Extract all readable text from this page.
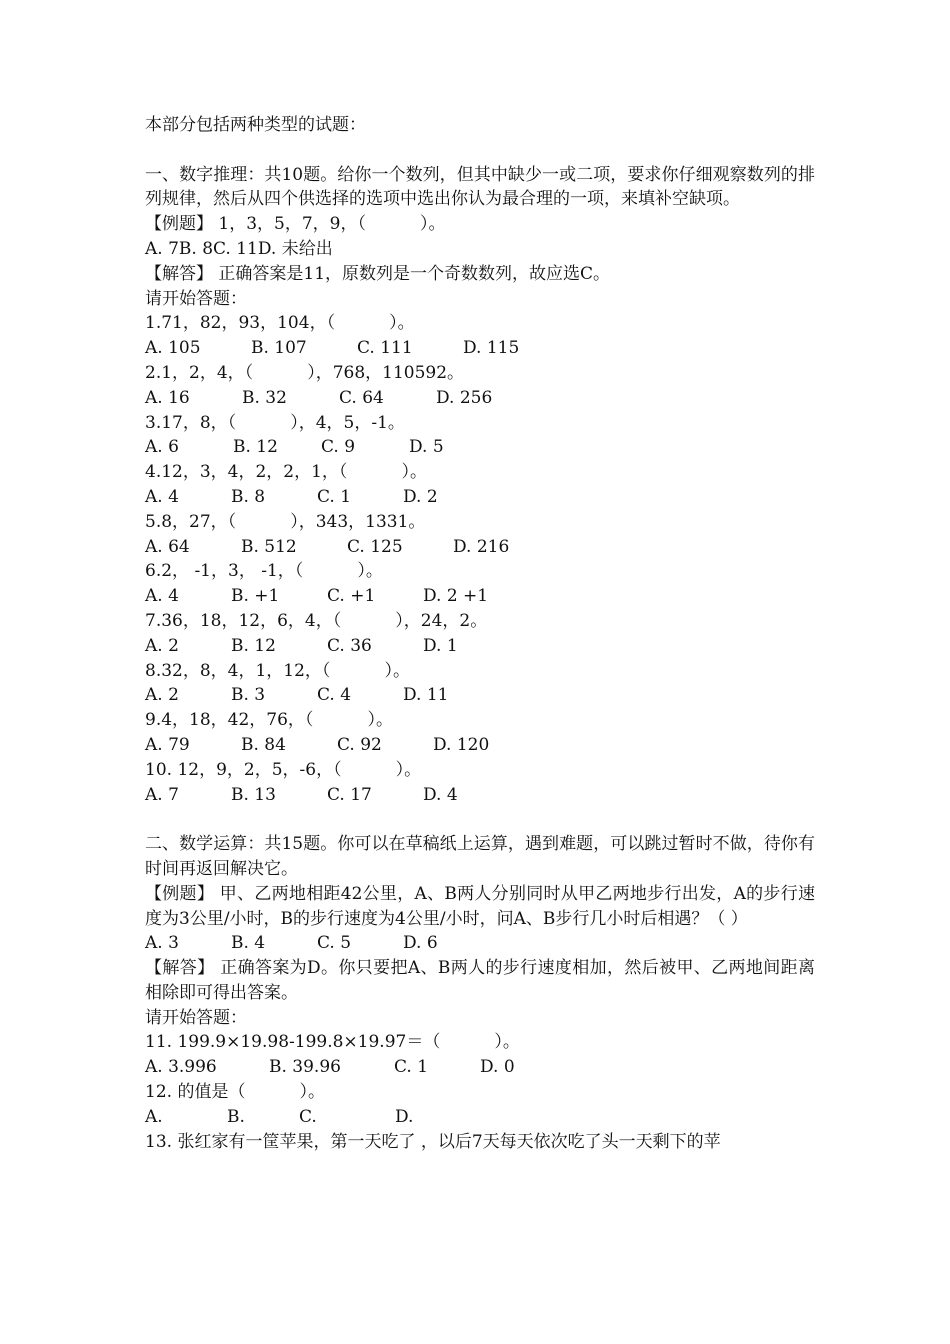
本部分包括两种类型的试题：

一、数字推理：共10题。给你一个数列，但其中缺少一或二项，要求你仔细观察数列的排列规律，然后从四个供选择的选项中选出你认为最合理的一项，来填补空缺项。

【例题】 1，3，5，7，9，（          ）。

A. 7B. 8C. 11D. 未给出

【解答】 正确答案是11，原数列是一个奇数数列，故应选C。

请开始答题：

1.71，82，93，104，（          ）。

A. 105	B. 107	C. 111	D. 115

2.1，2，4，（          ），768，110592。

A. 16	B. 32	C. 64	D. 256

3.17，8，（          ），4，5，-1。

A. 6	B. 12	C. 9	D. 5

4.12，3，4，2，2，1，（          ）。

A. 4	B. 8	C. 1	D. 2

5.8，27，（          ），343，1331。

A. 64	B. 512	C. 125	D. 216

6.2， -1，3， -1，（          ）。

A. 4	B. +1	C. +1	D. 2 +1

7.36，18，12，6，4，（          ），24，2。

A. 2	B. 12	C. 36	D. 1

8.32，8，4，1，12，（          ）。

A. 2	B. 3	C. 4	D. 11

9.4，18，42，76，（          ）。

A. 79	B. 84	C. 92	D. 120

10. 12，9，2，5，-6，（          ）。

A. 7	B. 13	C. 17	D. 4

二、数学运算：共15题。你可以在草稿纸上运算，遇到难题，可以跳过暂时不做，待你有时间再返回解决它。

【例题】 甲、乙两地相距42公里，A、B两人分别同时从甲乙两地步行出发，A的步行速度为3公里/小时，B的步行速度为4公里/小时，问A、B步行几小时后相遇？（ ）

A. 3	B. 4	C. 5	D. 6

【解答】 正确答案为D。你只要把A、B两人的步行速度相加，然后被甲、乙两地间距离相除即可得出答案。

请开始答题：

11. 199.9×19.98-199.8×19.97＝（          ）。

A. 3.996	B. 39.96	C. 1	D. 0

12. 的值是（          ）。

A.	B.	C.	D.

13. 张红家有一筐苹果，第一天吃了 ，以后7天每天依次吃了头一天剩下的苹
